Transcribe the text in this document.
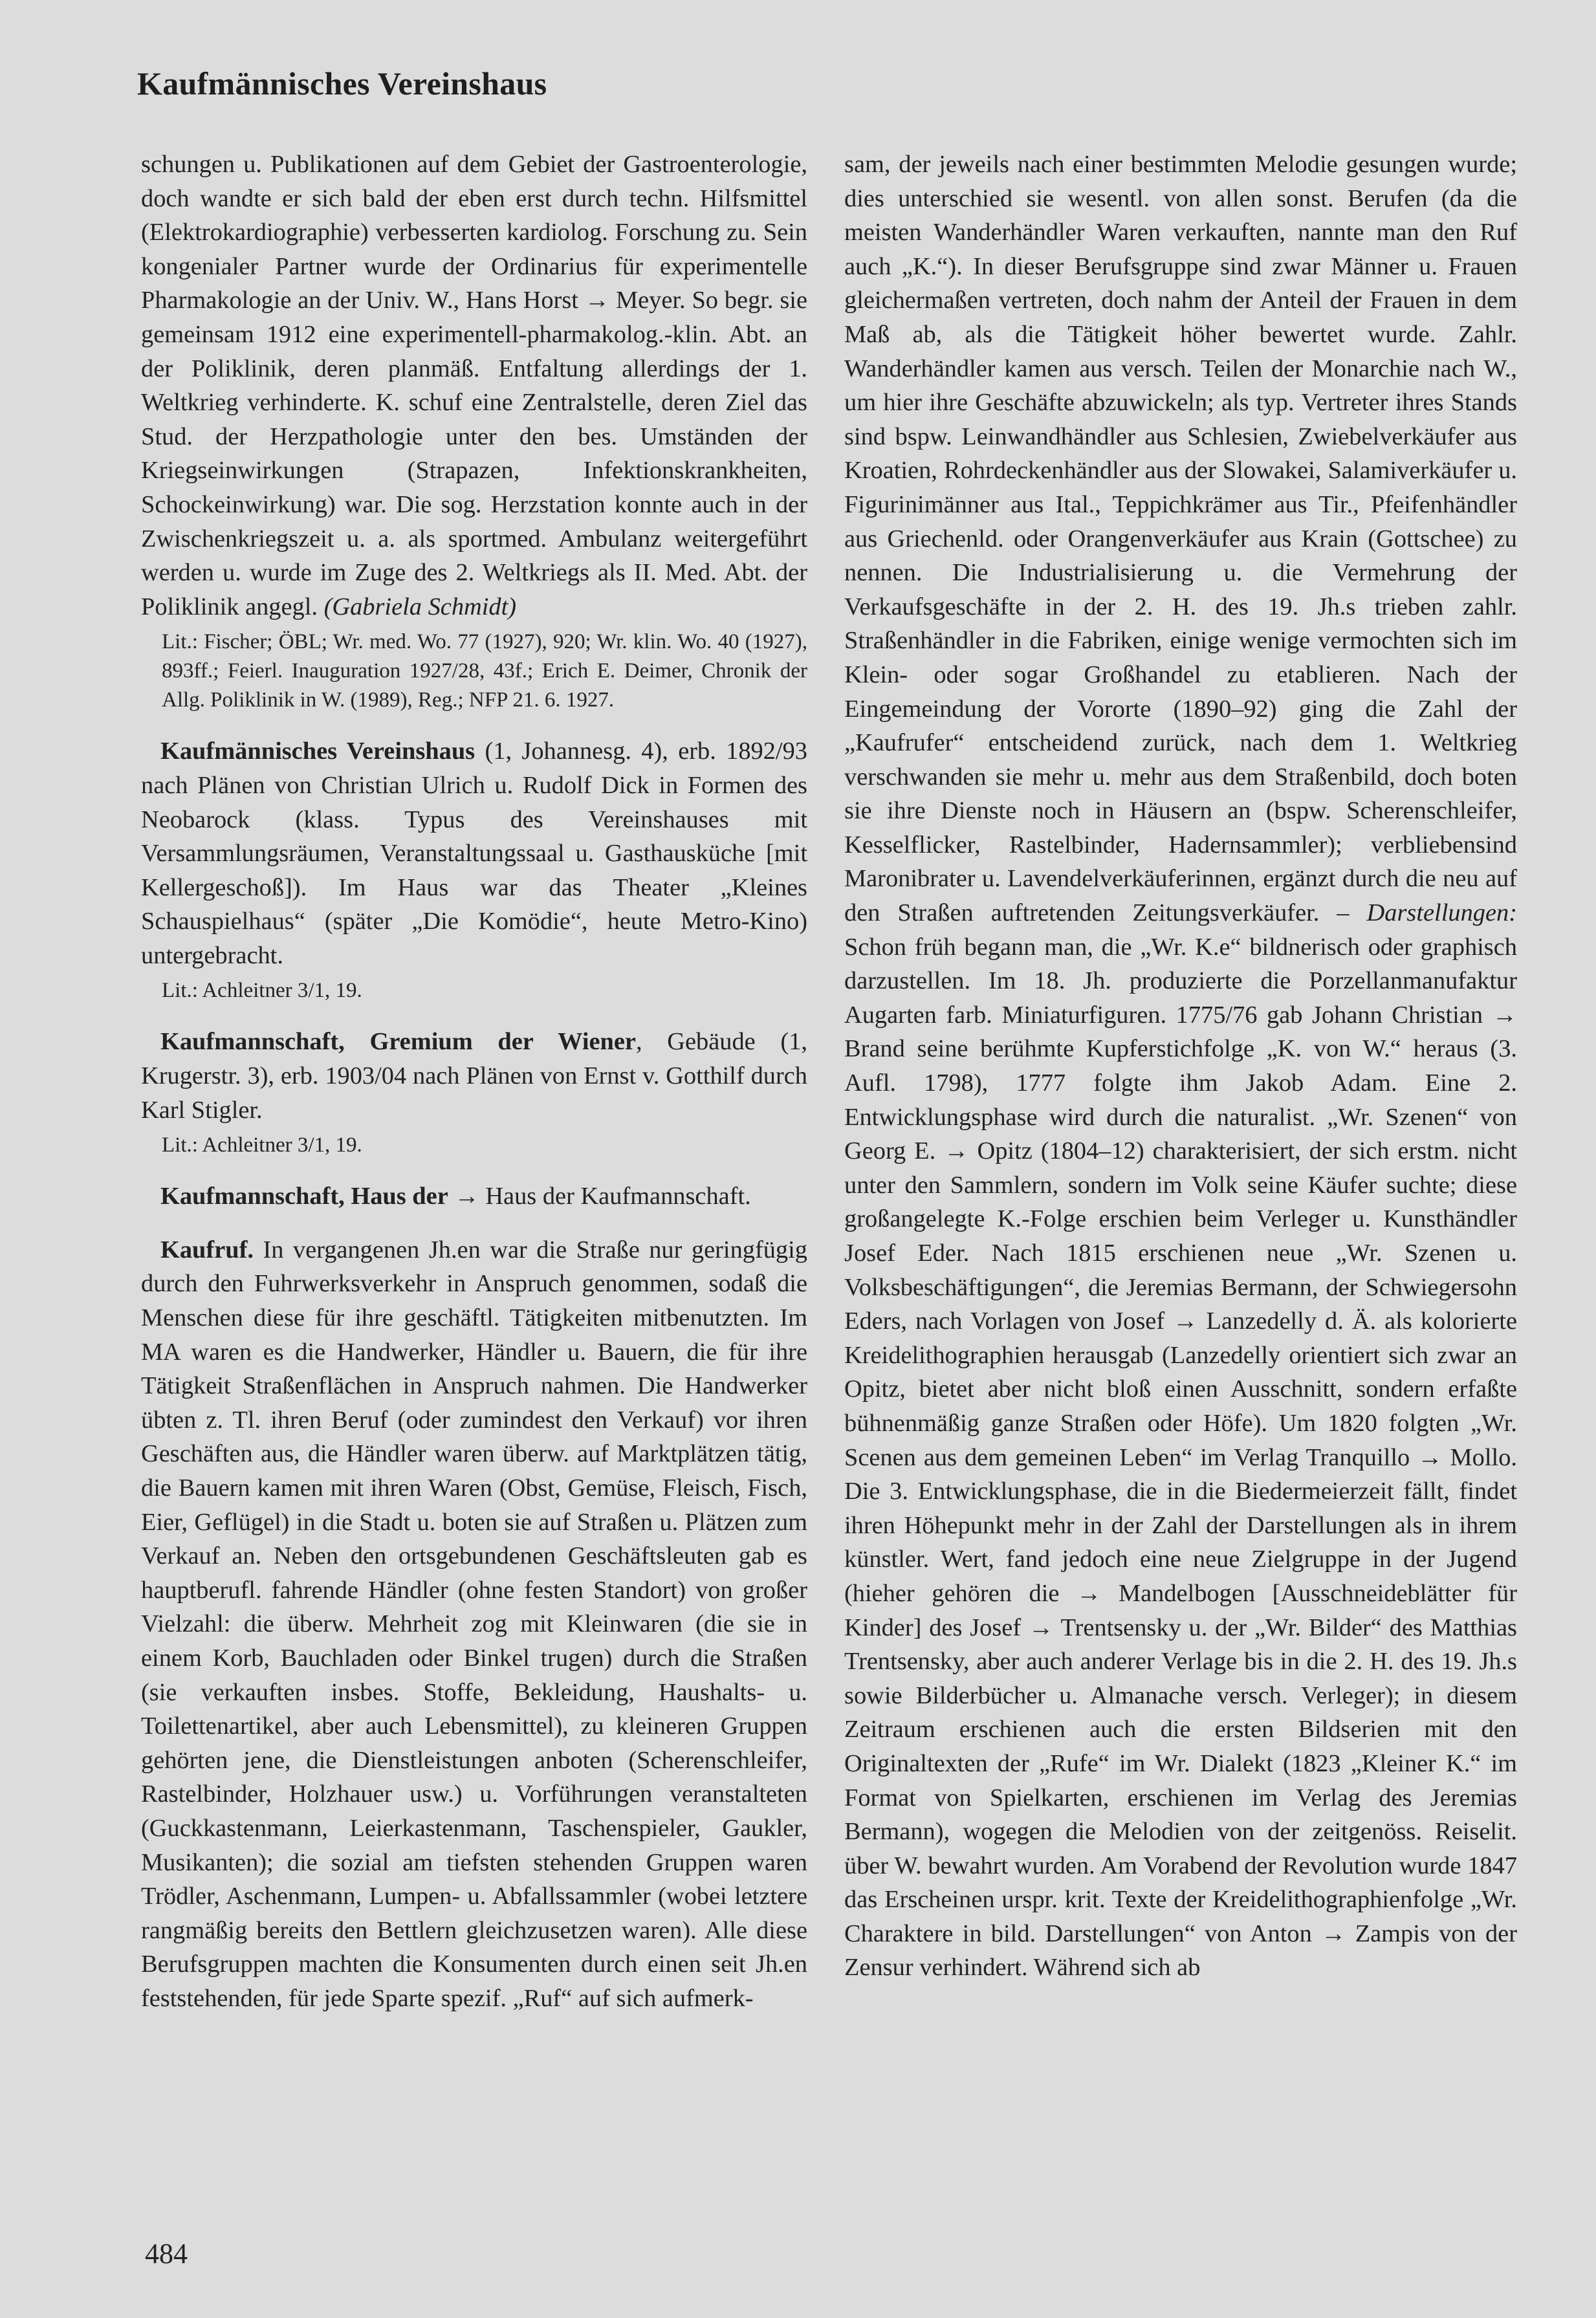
Kaufmännisches Vereinshaus

schungen u. Publikationen auf dem Gebiet der Gastroenterologie, doch wandte er sich bald der eben erst durch techn. Hilfsmittel (Elektrokardiographie) verbesserten kardiolog. Forschung zu. Sein kongenialer Partner wurde der Ordinarius für experimentelle Pharmakologie an der Univ. W., Hans Horst → Meyer. So begr. sie gemeinsam 1912 eine experimentell-pharmakolog.-klin. Abt. an der Poliklinik, deren planmäß. Entfaltung allerdings der 1. Weltkrieg verhinderte. K. schuf eine Zentralstelle, deren Ziel das Stud. der Herzpathologie unter den bes. Umständen der Kriegseinwirkungen (Strapazen, Infektionskrankheiten, Schockeinwirkung) war. Die sog. Herzstation konnte auch in der Zwischenkriegszeit u. a. als sportmed. Ambulanz weitergeführt werden u. wurde im Zuge des 2. Weltkriegs als II. Med. Abt. der Poliklinik angegl. (Gabriela Schmidt)

Lit.: Fischer; ÖBL; Wr. med. Wo. 77 (1927), 920; Wr. klin. Wo. 40 (1927), 893ff.; Feierl. Inauguration 1927/28, 43f.; Erich E. Deimer, Chronik der Allg. Poliklinik in W. (1989), Reg.; NFP 21. 6. 1927.

Kaufmännisches Vereinshaus (1, Johannesg. 4), erb. 1892/93 nach Plänen von Christian Ulrich u. Rudolf Dick in Formen des Neobarock (klass. Typus des Vereinshauses mit Versammlungsräumen, Veranstaltungssaal u. Gasthausküche [mit Kellergeschoß]). Im Haus war das Theater „Kleines Schauspielhaus“ (später „Die Komödie“, heute Metro-Kino) untergebracht.

Lit.: Achleitner 3/1, 19.

Kaufmannschaft, Gremium der Wiener, Gebäude (1, Krugerstr. 3), erb. 1903/04 nach Plänen von Ernst v. Gotthilf durch Karl Stigler.

Lit.: Achleitner 3/1, 19.

Kaufmannschaft, Haus der → Haus der Kaufmannschaft.

Kaufruf. In vergangenen Jh.en war die Straße nur geringfügig durch den Fuhrwerksverkehr in Anspruch genommen, sodaß die Menschen diese für ihre geschäftl. Tätigkeiten mitbenutzten. Im MA waren es die Handwerker, Händler u. Bauern, die für ihre Tätigkeit Straßenflächen in Anspruch nahmen. Die Handwerker übten z. Tl. ihren Beruf (oder zumindest den Verkauf) vor ihren Geschäften aus, die Händler waren überw. auf Marktplätzen tätig, die Bauern kamen mit ihren Waren (Obst, Gemüse, Fleisch, Fisch, Eier, Geflügel) in die Stadt u. boten sie auf Straßen u. Plätzen zum Verkauf an. Neben den ortsgebundenen Geschäftsleuten gab es hauptberufl. fahrende Händler (ohne festen Standort) von großer Vielzahl: die überw. Mehrheit zog mit Kleinwaren (die sie in einem Korb, Bauchladen oder Binkel trugen) durch die Straßen (sie verkauften insbes. Stoffe, Bekleidung, Haushalts- u. Toilettenartikel, aber auch Lebensmittel), zu kleineren Gruppen gehörten jene, die Dienstleistungen anboten (Scherenschleifer, Rastelbinder, Holzhauer usw.) u. Vorführungen veranstalteten (Guckkastenmann, Leierkastenmann, Taschenspieler, Gaukler, Musikanten); die sozial am tiefsten stehenden Gruppen waren Trödler, Aschenmann, Lumpen- u. Abfallssammler (wobei letztere rangmäßig bereits den Bettlern gleichzusetzen waren). Alle diese Berufsgruppen machten die Konsumenten durch einen seit Jh.en feststehenden, für jede Sparte spezif. „Ruf“ auf sich aufmerk-

sam, der jeweils nach einer bestimmten Melodie gesungen wurde; dies unterschied sie wesentl. von allen sonst. Berufen (da die meisten Wanderhändler Waren verkauften, nannte man den Ruf auch „K.“). In dieser Berufsgruppe sind zwar Männer u. Frauen gleichermaßen vertreten, doch nahm der Anteil der Frauen in dem Maß ab, als die Tätigkeit höher bewertet wurde. Zahlr. Wanderhändler kamen aus versch. Teilen der Monarchie nach W., um hier ihre Geschäfte abzuwickeln; als typ. Vertreter ihres Stands sind bspw. Leinwandhändler aus Schlesien, Zwiebelverkäufer aus Kroatien, Rohrdeckenhändler aus der Slowakei, Salamiverkäufer u. Figurinimänner aus Ital., Teppichkrämer aus Tir., Pfeifenhändler aus Griechenld. oder Orangenverkäufer aus Krain (Gottschee) zu nennen. Die Industrialisierung u. die Vermehrung der Verkaufsgeschäfte in der 2. H. des 19. Jh.s trieben zahlr. Straßenhändler in die Fabriken, einige wenige vermochten sich im Klein- oder sogar Großhandel zu etablieren. Nach der Eingemeindung der Vororte (1890–92) ging die Zahl der „Kaufrufer“ entscheidend zurück, nach dem 1. Weltkrieg verschwanden sie mehr u. mehr aus dem Straßenbild, doch boten sie ihre Dienste noch in Häusern an (bspw. Scherenschleifer, Kesselflicker, Rastelbinder, Hadernsammler); verbliebensind Maronibrater u. Lavendelverkäuferinnen, ergänzt durch die neu auf den Straßen auftretenden Zeitungsverkäufer. – Darstellungen: Schon früh begann man, die „Wr. K.e“ bildnerisch oder graphisch darzustellen. Im 18. Jh. produzierte die Porzellanmanufaktur Augarten farb. Miniaturfiguren. 1775/76 gab Johann Christian → Brand seine berühmte Kupferstichfolge „K. von W.“ heraus (3. Aufl. 1798), 1777 folgte ihm Jakob Adam. Eine 2. Entwicklungsphase wird durch die naturalist. „Wr. Szenen“ von Georg E. → Opitz (1804–12) charakterisiert, der sich erstm. nicht unter den Sammlern, sondern im Volk seine Käufer suchte; diese großangelegte K.-Folge erschien beim Verleger u. Kunsthändler Josef Eder. Nach 1815 erschienen neue „Wr. Szenen u. Volksbeschäftigungen“, die Jeremias Bermann, der Schwiegersohn Eders, nach Vorlagen von Josef → Lanzedelly d. Ä. als kolorierte Kreidelithographien herausgab (Lanzedelly orientiert sich zwar an Opitz, bietet aber nicht bloß einen Ausschnitt, sondern erfaßte bühnenmäßig ganze Straßen oder Höfe). Um 1820 folgten „Wr. Scenen aus dem gemeinen Leben“ im Verlag Tranquillo → Mollo. Die 3. Entwicklungsphase, die in die Biedermeierzeit fällt, findet ihren Höhepunkt mehr in der Zahl der Darstellungen als in ihrem künstler. Wert, fand jedoch eine neue Zielgruppe in der Jugend (hieher gehören die → Mandelbogen [Ausschneideblätter für Kinder] des Josef → Trentsensky u. der „Wr. Bilder“ des Matthias Trentsensky, aber auch anderer Verlage bis in die 2. H. des 19. Jh.s sowie Bilderbücher u. Almanache versch. Verleger); in diesem Zeitraum erschienen auch die ersten Bildserien mit den Originaltexten der „Rufe“ im Wr. Dialekt (1823 „Kleiner K.“ im Format von Spielkarten, erschienen im Verlag des Jeremias Bermann), wogegen die Melodien von der zeitgenöss. Reiselit. über W. bewahrt wurden. Am Vorabend der Revolution wurde 1847 das Erscheinen urspr. krit. Texte der Kreidelithographienfolge „Wr. Charaktere in bild. Darstellungen“ von Anton → Zampis von der Zensur verhindert. Während sich ab

484
